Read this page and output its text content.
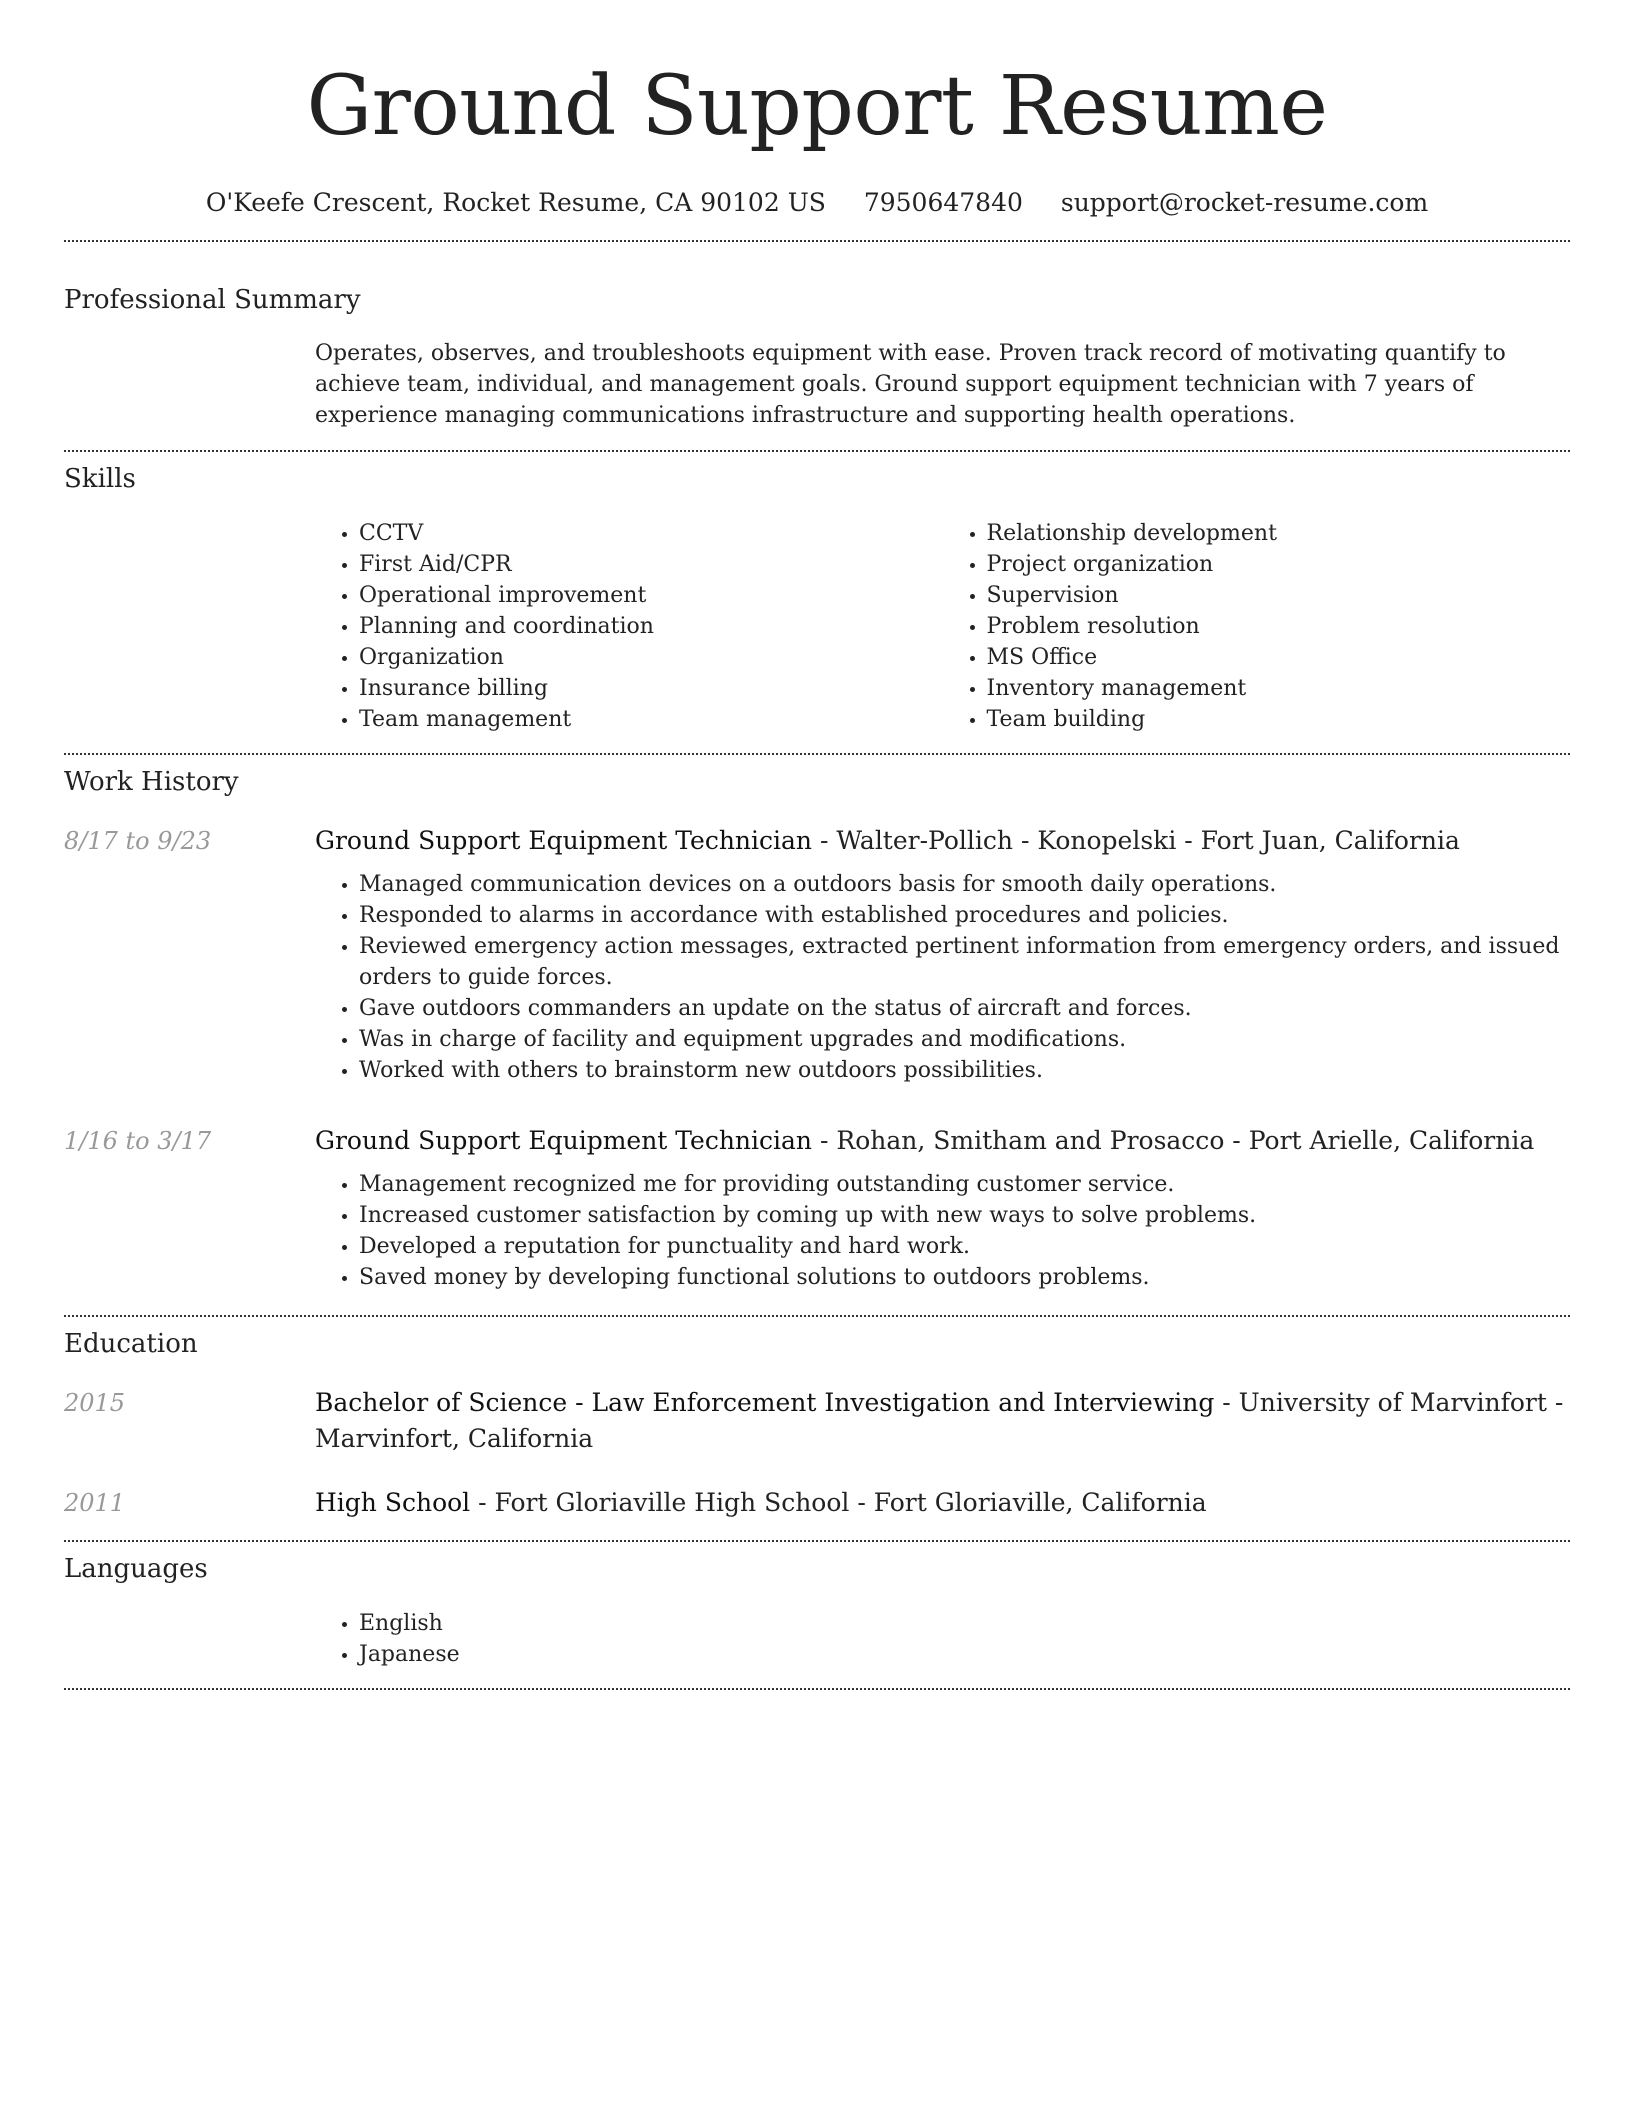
Ground Support Resume
O'Keefe Crescent, Rocket Resume, CA 90102 US 7950647840 support@rocket-resume.com
Professional Summary
Operates, observes, and troubleshoots equipment with ease. Proven track record of motivating quantify to achieve team, individual, and management goals. Ground support equipment technician with 7 years of experience managing communications infrastructure and supporting health operations.
Skills
• CCTV
• First Aid/CPR
• Operational improvement
• Planning and coordination
• Organization
• Insurance billing
• Team management
• Relationship development
• Project organization
• Supervision
• Problem resolution
• MS Office
• Inventory management
• Team building
Work History
8/17 to 9/23	Ground Support Equipment Technician - Walter-Pollich - Konopelski - Fort Juan, California
• Managed communication devices on a outdoors basis for smooth daily operations.
• Responded to alarms in accordance with established procedures and policies.
• Reviewed emergency action messages, extracted pertinent information from emergency orders, and issued orders to guide forces.
• Gave outdoors commanders an update on the status of aircraft and forces.
• Was in charge of facility and equipment upgrades and modifications.
• Worked with others to brainstorm new outdoors possibilities.
1/16 to 3/17	Ground Support Equipment Technician - Rohan, Smitham and Prosacco - Port Arielle, California
• Management recognized me for providing outstanding customer service.
• Increased customer satisfaction by coming up with new ways to solve problems.
• Developed a reputation for punctuality and hard work.
• Saved money by developing functional solutions to outdoors problems.
Education
2015	Bachelor of Science - Law Enforcement Investigation and Interviewing - University of Marvinfort - Marvinfort, California
2011	High School - Fort Gloriaville High School - Fort Gloriaville, California
Languages
• English
• Japanese
